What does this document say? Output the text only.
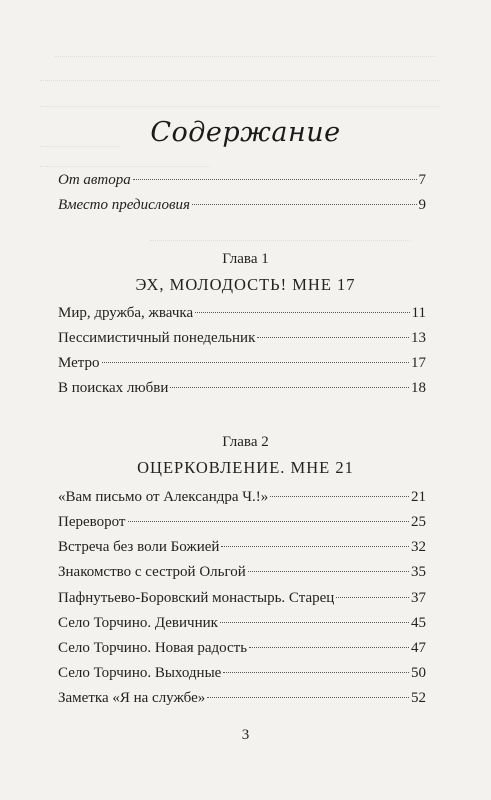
Содержание
От автора	7
Вместо предисловия	9
Глава 1
ЭХ, МОЛОДОСТЬ! МНЕ 17
Мир, дружба, жвачка	11
Пессимистичный понедельник	13
Метро	17
В поисках любви	18
Глава 2
ОЦЕРКОВЛЕНИЕ. МНЕ 21
«Вам письмо от Александра Ч.!»	21
Переворот	25
Встреча без воли Божией	32
Знакомство с сестрой Ольгой	35
Пафнутьево-Боровский монастырь. Старец	37
Село Торчино. Девичник	45
Село Торчино. Новая радость	47
Село Торчино. Выходные	50
Заметка «Я на службе»	52
3
